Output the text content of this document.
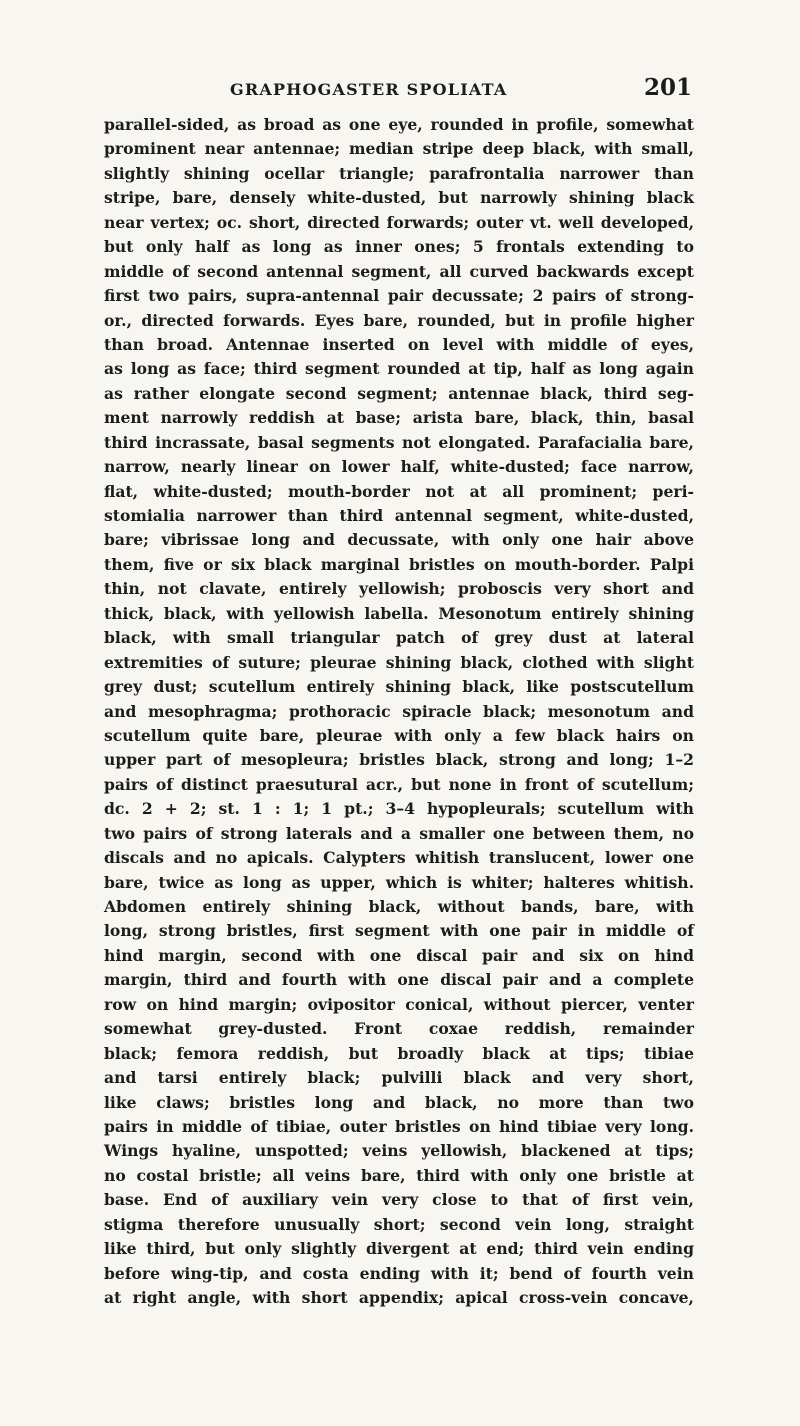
GRAPHOGASTER SPOLIATA	201
parallel-sided, as broad as one eye, rounded in profile, somewhat
prominent near antennae; median stripe deep black, with small,
slightly shining ocellar triangle; parafrontalia narrower than
stripe, bare, densely white-dusted, but narrowly shining black
near vertex; oc. short, directed forwards; outer vt. well developed,
but only half as long as inner ones; 5 frontals extending to
middle of second antennal segment, all curved backwards except
first two pairs, supra-antennal pair decussate; 2 pairs of strong-
or., directed forwards. Eyes bare, rounded, but in profile higher
than broad. Antennae inserted on level with middle of eyes,
as long as face; third segment rounded at tip, half as long again
as rather elongate second segment; antennae black, third seg-
ment narrowly reddish at base; arista bare, black, thin, basal
third incrassate, basal segments not elongated. Parafacialia bare,
narrow, nearly linear on lower half, white-dusted; face narrow,
flat, white-dusted; mouth-border not at all prominent; peri-
stomialia narrower than third antennal segment, white-dusted,
bare; vibrissae long and decussate, with only one hair above
them, five or six black marginal bristles on mouth-border. Palpi
thin, not clavate, entirely yellowish; proboscis very short and
thick, black, with yellowish labella. Mesonotum entirely shining
black, with small triangular patch of grey dust at lateral
extremities of suture; pleurae shining black, clothed with slight
grey dust; scutellum entirely shining black, like postscutellum
and mesophragma; prothoracic spiracle black; mesonotum and
scutellum quite bare, pleurae with only a few black hairs on
upper part of mesopleura; bristles black, strong and long; 1–2
pairs of distinct praesutural acr., but none in front of scutellum;
dc. 2 + 2; st. 1 : 1; 1 pt.; 3–4 hypopleurals; scutellum with
two pairs of strong laterals and a smaller one between them, no
discals and no apicals. Calypters whitish translucent, lower one
bare, twice as long as upper, which is whiter; halteres whitish.
Abdomen entirely shining black, without bands, bare, with
long, strong bristles, first segment with one pair in middle of
hind margin, second with one discal pair and six on hind
margin, third and fourth with one discal pair and a complete
row on hind margin; ovipositor conical, without piercer, venter
somewhat grey-dusted. Front coxae reddish, remainder
black; femora reddish, but broadly black at tips; tibiae
and tarsi entirely black; pulvilli black and very short,
like claws; bristles long and black, no more than two
pairs in middle of tibiae, outer bristles on hind tibiae very long.
Wings hyaline, unspotted; veins yellowish, blackened at tips;
no costal bristle; all veins bare, third with only one bristle at
base. End of auxiliary vein very close to that of first vein,
stigma therefore unusually short; second vein long, straight
like third, but only slightly divergent at end; third vein ending
before wing-tip, and costa ending with it; bend of fourth vein
at right angle, with short appendix; apical cross-vein concave,
